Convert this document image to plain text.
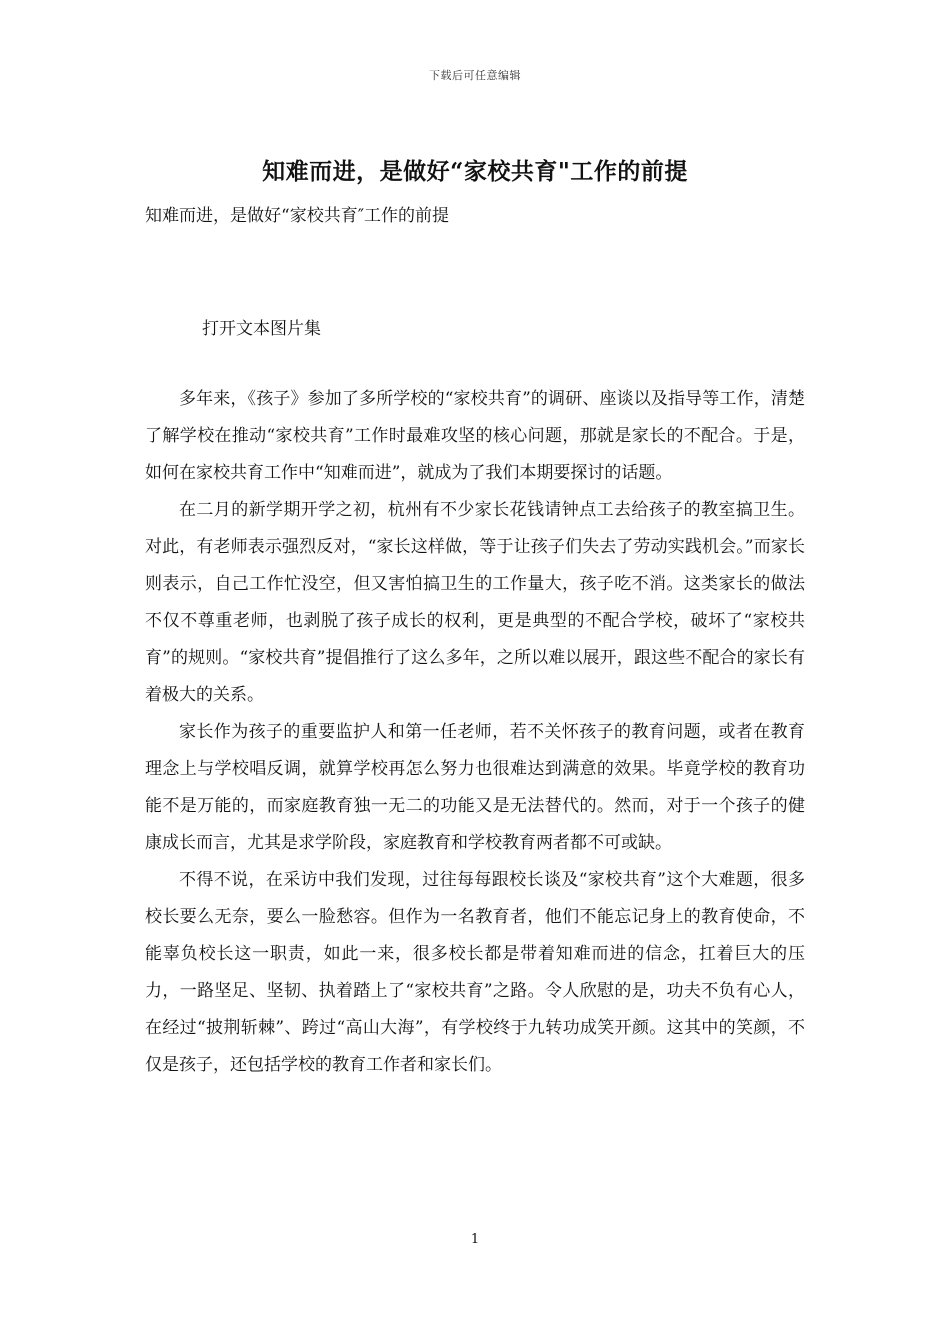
下载后可任意编辑
知难而进，是做好“家校共育"工作的前提
知难而进，是做好“家校共育″工作的前提
打开文本图片集

多年来，《孩子》参加了多所学校的“家校共育”的调研、座谈以及指导等工作，清楚了解学校在推动“家校共育”工作时最难攻坚的核心问题，那就是家长的不配合。于是，如何在家校共育工作中“知难而进”，就成为了我们本期要探讨的话题。

在二月的新学期开学之初，杭州有不少家长花钱请钟点工去给孩子的教室搞卫生。对此，有老师表示强烈反对，“家长这样做，等于让孩子们失去了劳动实践机会。”而家长则表示，自己工作忙没空，但又害怕搞卫生的工作量大，孩子吃不消。这类家长的做法不仅不尊重老师，也剥脱了孩子成长的权利，更是典型的不配合学校，破坏了“家校共育”的规则。“家校共育”提倡推行了这么多年，之所以难以展开，跟这些不配合的家长有着极大的关系。

家长作为孩子的重要监护人和第一任老师，若不关怀孩子的教育问题，或者在教育理念上与学校唱反调，就算学校再怎么努力也很难达到满意的效果。毕竟学校的教育功能不是万能的，而家庭教育独一无二的功能又是无法替代的。然而，对于一个孩子的健康成长而言，尤其是求学阶段，家庭教育和学校教育两者都不可或缺。

不得不说，在采访中我们发现，过往每每跟校长谈及“家校共育”这个大难题，很多校长要么无奈，要么一脸愁容。但作为一名教育者，他们不能忘记身上的教育使命，不能辜负校长这一职责，如此一来，很多校长都是带着知难而进的信念，扛着巨大的压力，一路坚足、坚韧、执着踏上了“家校共育”之路。令人欣慰的是，功夫不负有心人，在经过“披荆斩棘”、跨过“高山大海”，有学校终于九转功成笑开颜。这其中的笑颜，不仅是孩子，还包括学校的教育工作者和家长们。

1
